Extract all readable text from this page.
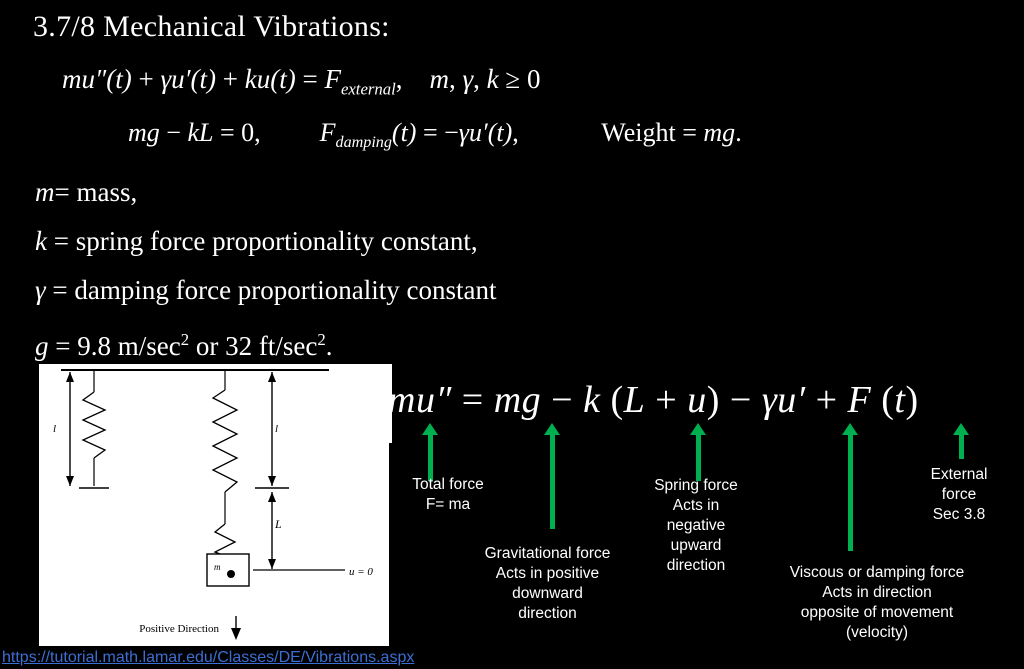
3.7/8 Mechanical Vibrations:
$mu''(t) + \gamma u'(t) + ku(t) = F_{external}$, m, γ, k ≥ 0
mg − kL = 0, $F_{damping}(t) = -\gamma u'(t)$,	Weight = mg.
m= mass,
k = spring force proportionality constant,
γ = damping force proportionality constant
g = 9.8 $m/\sec^2$ or 32 $ft/\sec^2$.
l
m
l
L
u = 0
Positive Direction
mu″ = mg − k (L + u) − γu′ + F (t)
Total force
F= ma
Gravitational force
Acts in positive
downward
direction
Spring force
Acts in
negative
upward
direction	Viscous or damping force
Acts in direction
opposite of movement
(velocity)
External
force
Sec 3.8
https://tutorial.math.lamar.edu/Classes/DE/Vibrations.aspx
